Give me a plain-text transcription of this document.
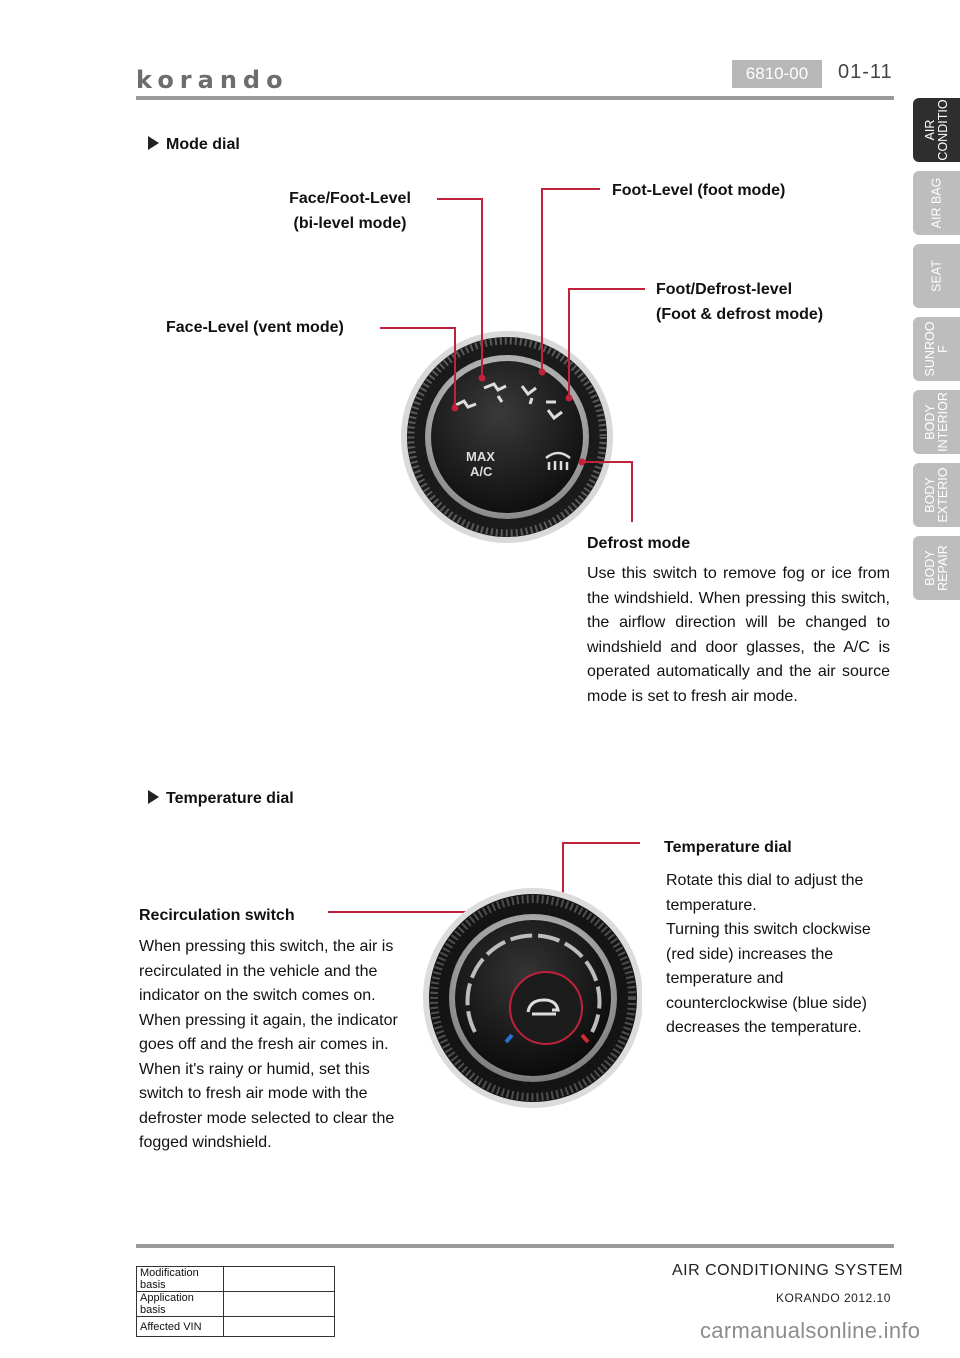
korando	6810-00	01-11
AIR
CONDITIO
AIR BAG
SEAT
SUNROO
F
BODY
INTERIOR
BODY
EXTERIO
BODY
REPAIR
Mode dial
Face/Foot-Level
(bi-level mode)
Foot-Level (foot mode)
Foot/Defrost-level
(Foot & defrost mode)
Face-Level (vent mode)
MAX
A/C
Defrost mode
Use this switch to remove fog or ice from the windshield. When pressing this switch, the airflow direction will be changed to windshield and door glasses, the A/C is operated automatically and the air source mode is set to fresh air mode.
Temperature dial
Temperature dial
Rotate this dial to adjust the temperature.
Turning this switch clockwise (red side) increases the temperature and counterclockwise (blue side) decreases the temperature.
Recirculation switch
When pressing this switch, the air is recirculated in the vehicle and the indicator on the switch comes on. When pressing it again, the indicator goes off and the fresh air comes in. When it's rainy or humid, set this switch to fresh air mode with the defroster mode selected to clear the fogged windshield.
Modification basis	
Application basis	
Affected VIN	
AIR CONDITIONING SYSTEM
KORANDO 2012.10
carmanualsonline.info
